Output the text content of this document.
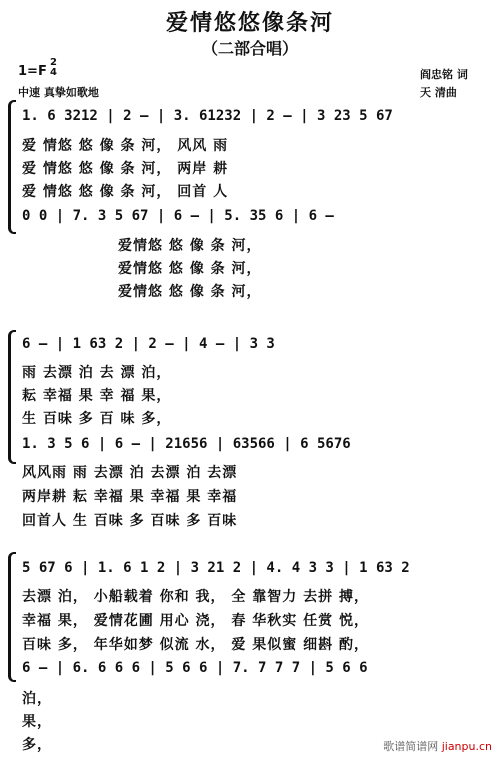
爱情悠悠像条河
（二部合唱）
1=F
2
4
中速 真挚如歌地
阎忠铭 词
天 清曲
1. 6 3212 | 2 – | 3. 61232 | 2 – | 3 23 5 67
爱 情悠 悠 像 条 河， 风风 雨
爱 情悠 悠 像 条 河， 两岸 耕
爱 情悠 悠 像 条 河， 回首 人
0 0 | 7. 3 5 67 | 6 – | 5. 35 6 | 6 –
爱情悠 悠 像 条 河，
爱情悠 悠 像 条 河，
爱情悠 悠 像 条 河，
6 – | 1 63 2 | 2 – | 4 – | 3 3
雨 去漂 泊 去 漂 泊，
耘 幸福 果 幸 福 果，
生 百味 多 百 味 多，
1. 3 5 6 | 6 – | 21656 | 63566 | 6 5676
风风雨 雨 去漂 泊 去漂 泊 去漂
两岸耕 耘 幸福 果 幸福 果 幸福
回首人 生 百味 多 百味 多 百味
5 67 6 | 1. 6 1 2 | 3 21 2 | 4. 4 3 3 | 1 63 2
去漂 泊， 小船载着 你和 我， 全 靠智力 去拼 搏，
幸福 果， 爱情花圃 用心 浇， 春 华秋实 任赏 悦，
百味 多， 年华如梦 似流 水， 爱 果似蜜 细斟 酌，
6 – | 6. 6 6 6 | 5 6 6 | 7. 7 7 7 | 5 6 6
泊，
果，
多，	歌谱简谱网 jianpu.cn
